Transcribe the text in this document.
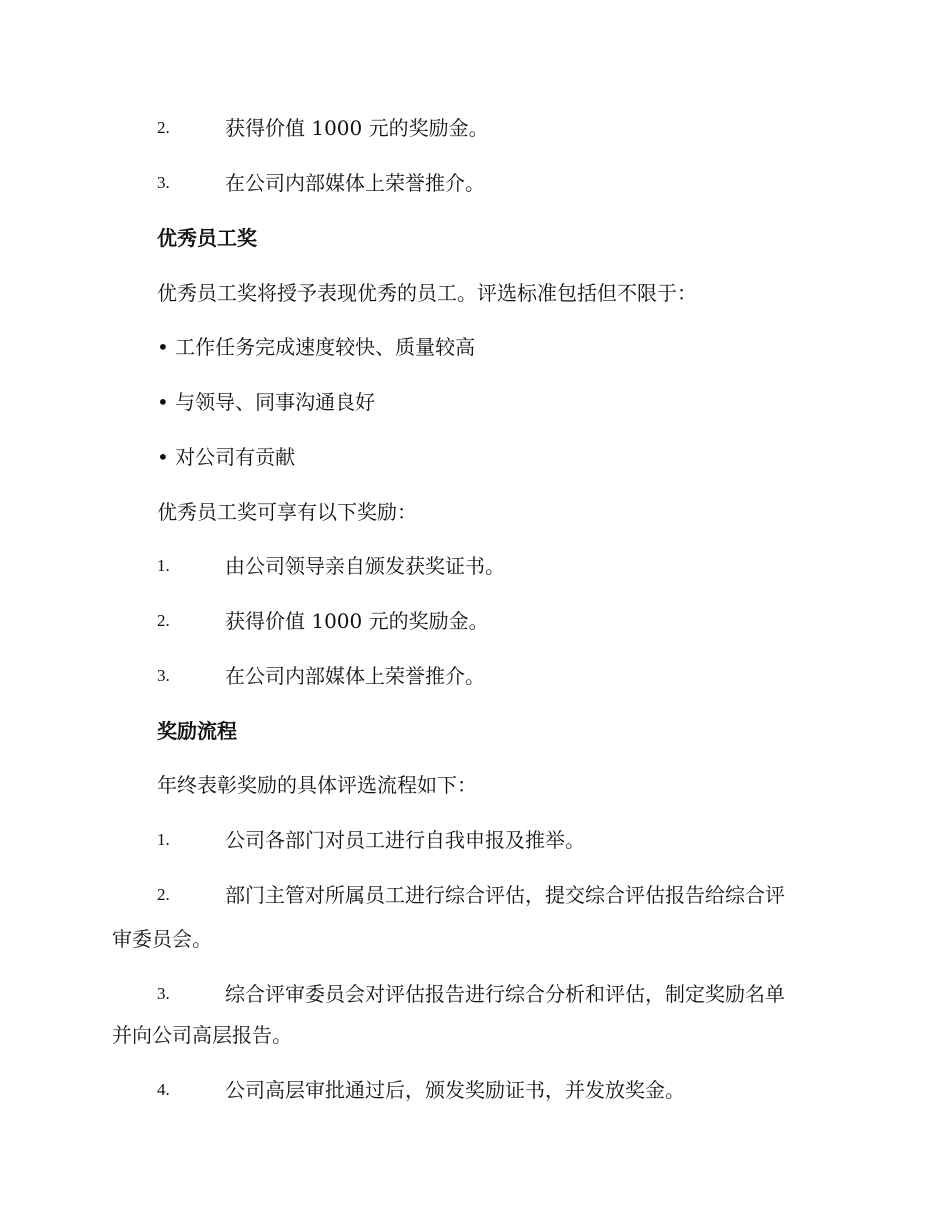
2.	获得价值 1000 元的奖励金。
3.	在公司内部媒体上荣誉推介。
优秀员工奖
优秀员工奖将授予表现优秀的员工。评选标准包括但不限于：
• 工作任务完成速度较快、质量较高
• 与领导、同事沟通良好
• 对公司有贡献
优秀员工奖可享有以下奖励：
1.	由公司领导亲自颁发获奖证书。
2.	获得价值 1000 元的奖励金。
3.	在公司内部媒体上荣誉推介。
奖励流程
年终表彰奖励的具体评选流程如下：
1.	公司各部门对员工进行自我申报及推举。
2.	部门主管对所属员工进行综合评估，提交综合评估报告给综合评
审委员会。
3.	综合评审委员会对评估报告进行综合分析和评估，制定奖励名单
并向公司高层报告。
4.	公司高层审批通过后，颁发奖励证书，并发放奖金。
